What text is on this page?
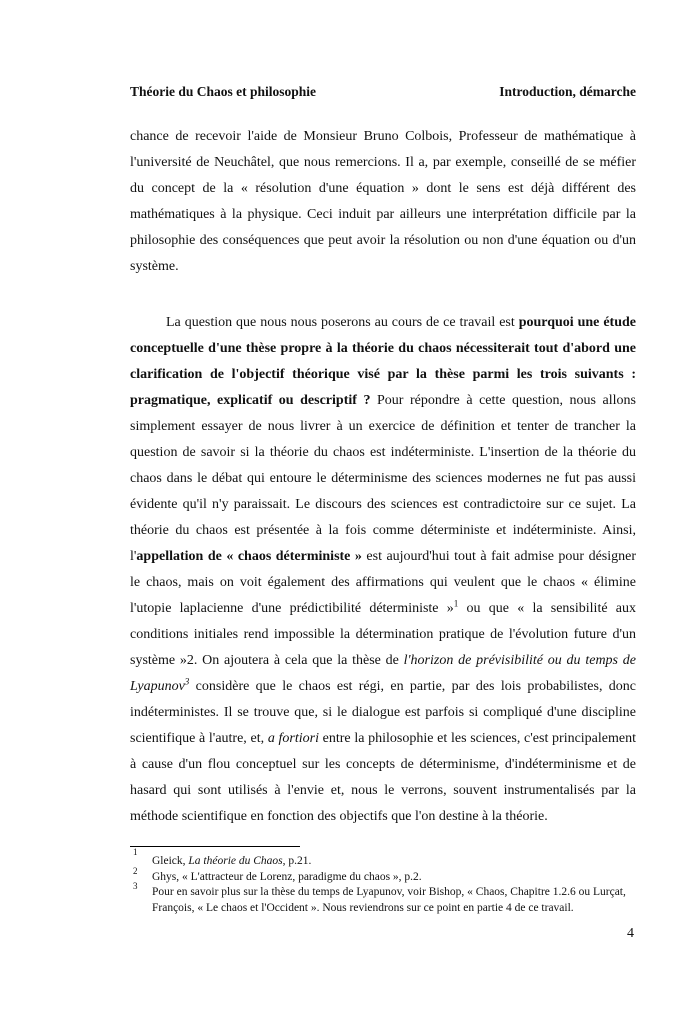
Théorie du Chaos et philosophie	Introduction, démarche

chance de recevoir l'aide de Monsieur Bruno Colbois, Professeur de mathématique à l'université de Neuchâtel, que nous remercions. Il a, par exemple, conseillé de se méfier du concept de la « résolution d'une équation » dont le sens est déjà différent des mathématiques à la physique. Ceci induit par ailleurs une interprétation difficile par la philosophie des conséquences que peut avoir la résolution ou non d'une équation ou d'un système.

La question que nous nous poserons au cours de ce travail est pourquoi une étude conceptuelle d'une thèse propre à la théorie du chaos nécessiterait tout d'abord une clarification de l'objectif théorique visé par la thèse parmi les trois suivants : pragmatique, explicatif ou descriptif ? Pour répondre à cette question, nous allons simplement essayer de nous livrer à un exercice de définition et tenter de trancher la question de savoir si la théorie du chaos est indéterministe. L'insertion de la théorie du chaos dans le débat qui entoure le déterminisme des sciences modernes ne fut pas aussi évidente qu'il n'y paraissait. Le discours des sciences est contradictoire sur ce sujet. La théorie du chaos est présentée à la fois comme déterministe et indéterministe. Ainsi, l'appellation de « chaos déterministe » est aujourd'hui tout à fait admise pour désigner le chaos, mais on voit également des affirmations qui veulent que le chaos « élimine l'utopie laplacienne d'une prédictibilité déterministe »$^1$ ou que « la sensibilité aux conditions initiales rend impossible la détermination pratique de l'évolution future d'un système »2. On ajoutera à cela que la thèse de l'horizon de prévisibilité ou du temps de Lyapunov$^3$ considère que le chaos est régi, en partie, par des lois probabilistes, donc indéterministes. Il se trouve que, si le dialogue est parfois si compliqué d'une discipline scientifique à l'autre, et, a fortiori entre la philosophie et les sciences, c'est principalement à cause d'un flou conceptuel sur les concepts de déterminisme, d'indéterminisme et de hasard qui sont utilisés à l'envie et, nous le verrons, souvent instrumentalisés par la méthode scientifique en fonction des objectifs que l'on destine à la théorie.

1
Gleick, La théorie du Chaos, p.21.
2 Ghys, « L'attracteur de Lorenz, paradigme du chaos », p.2.
3 Pour en savoir plus sur la thèse du temps de Lyapunov, voir Bishop, « Chaos, Chapitre 1.2.6 ou Lurçat, François, « Le chaos et l'Occident ». Nous reviendrons sur ce point en partie 4 de ce travail.
4
